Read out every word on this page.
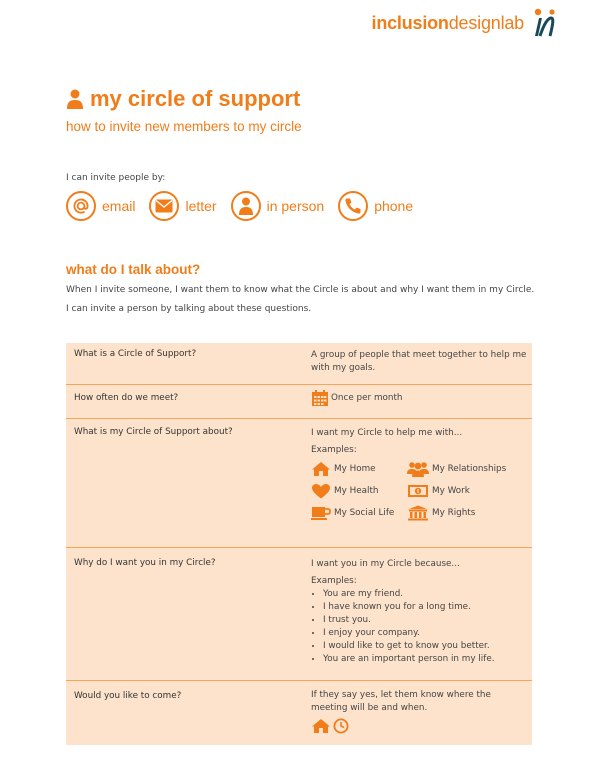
inclusiondesignlab
my circle of support
how to invite new members to my circle
I can invite people by:
email	letter	in person	phone
what do I talk about?

When I invite someone, I want them to know what the Circle is about and why I want them in my Circle.

I can invite a person by talking about these questions.

What is a Circle of Support?	A group of people that meet together to help me with my goals.
How often do we meet?	Once per month
What is my Circle of Support about?	I want my Circle to help me with...
Examples:
My Home	My Relationships
My Health	My Work
My Social Life	My Rights
Why do I want you in my Circle?	I want you in my Circle because...
Examples:
• You are my friend.
• I have known you for a long time.
• I trust you.
• I enjoy your company.
• I would like to get to know you better.
• You are an important person in my life.
Would you like to come?	If they say yes, let them know where the meeting will be and when.
